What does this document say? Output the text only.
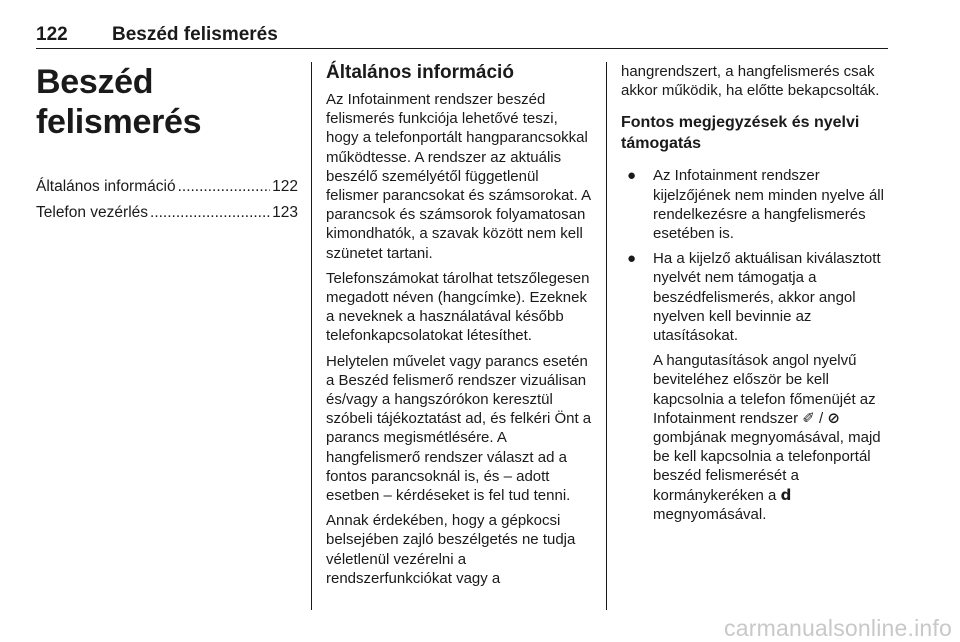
122 Beszéd felismerés
Beszéd felismerés
Általános információ .....	122
Telefon vezérlés .....	123
Általános információ

Az Infotainment rendszer beszéd felismerés funkciója lehetővé teszi, hogy a telefonportált hangparancsokkal működtesse. A rendszer az aktuális beszélő személyétől függetlenül felismer parancsokat és számsorokat. A parancsok és számsorok folyamatosan kimondhatók, a szavak között nem kell szünetet tartani.

Telefonszámokat tárolhat tetszőlegesen megadott néven (hangcímke). Ezeknek a neveknek a használatával később telefonkapcsolatokat létesíthet.

Helytelen művelet vagy parancs esetén a Beszéd felismerő rendszer vizuálisan és/vagy a hangszórókon keresztül szóbeli tájékoztatást ad, és felkéri Önt a parancs megismétlésére. A hangfelismerő rendszer választ ad a fontos parancsoknál is, és – adott esetben – kérdéseket is fel tud tenni.

Annak érdekében, hogy a gépkocsi belsejében zajló beszélgetés ne tudja véletlenül vezérelni a rendszerfunkciókat vagy a

hangrendszert, a hangfelismerés csak akkor működik, ha előtte bekapcsolták.

Fontos megjegyzések és nyelvi támogatás
● Az Infotainment rendszer kijelzőjének nem minden nyelve áll rendelkezésre a hangfelismerés esetében is.

● Ha a kijelző aktuálisan kiválasztott nyelvét nem támogatja a beszédfelismerés, akkor angol nyelven kell bevinnie az utasításokat.

A hangutasítások angol nyelvű beviteléhez először be kell kapcsolnia a telefon főmenüjét az Infotainment rendszer ✐ / ⊘ gombjának megnyomásával, majd be kell kapcsolnia a telefonportál beszéd felismerését a kormánykeréken a 𝗱 megnyomásával.

carmanualsonline.info
